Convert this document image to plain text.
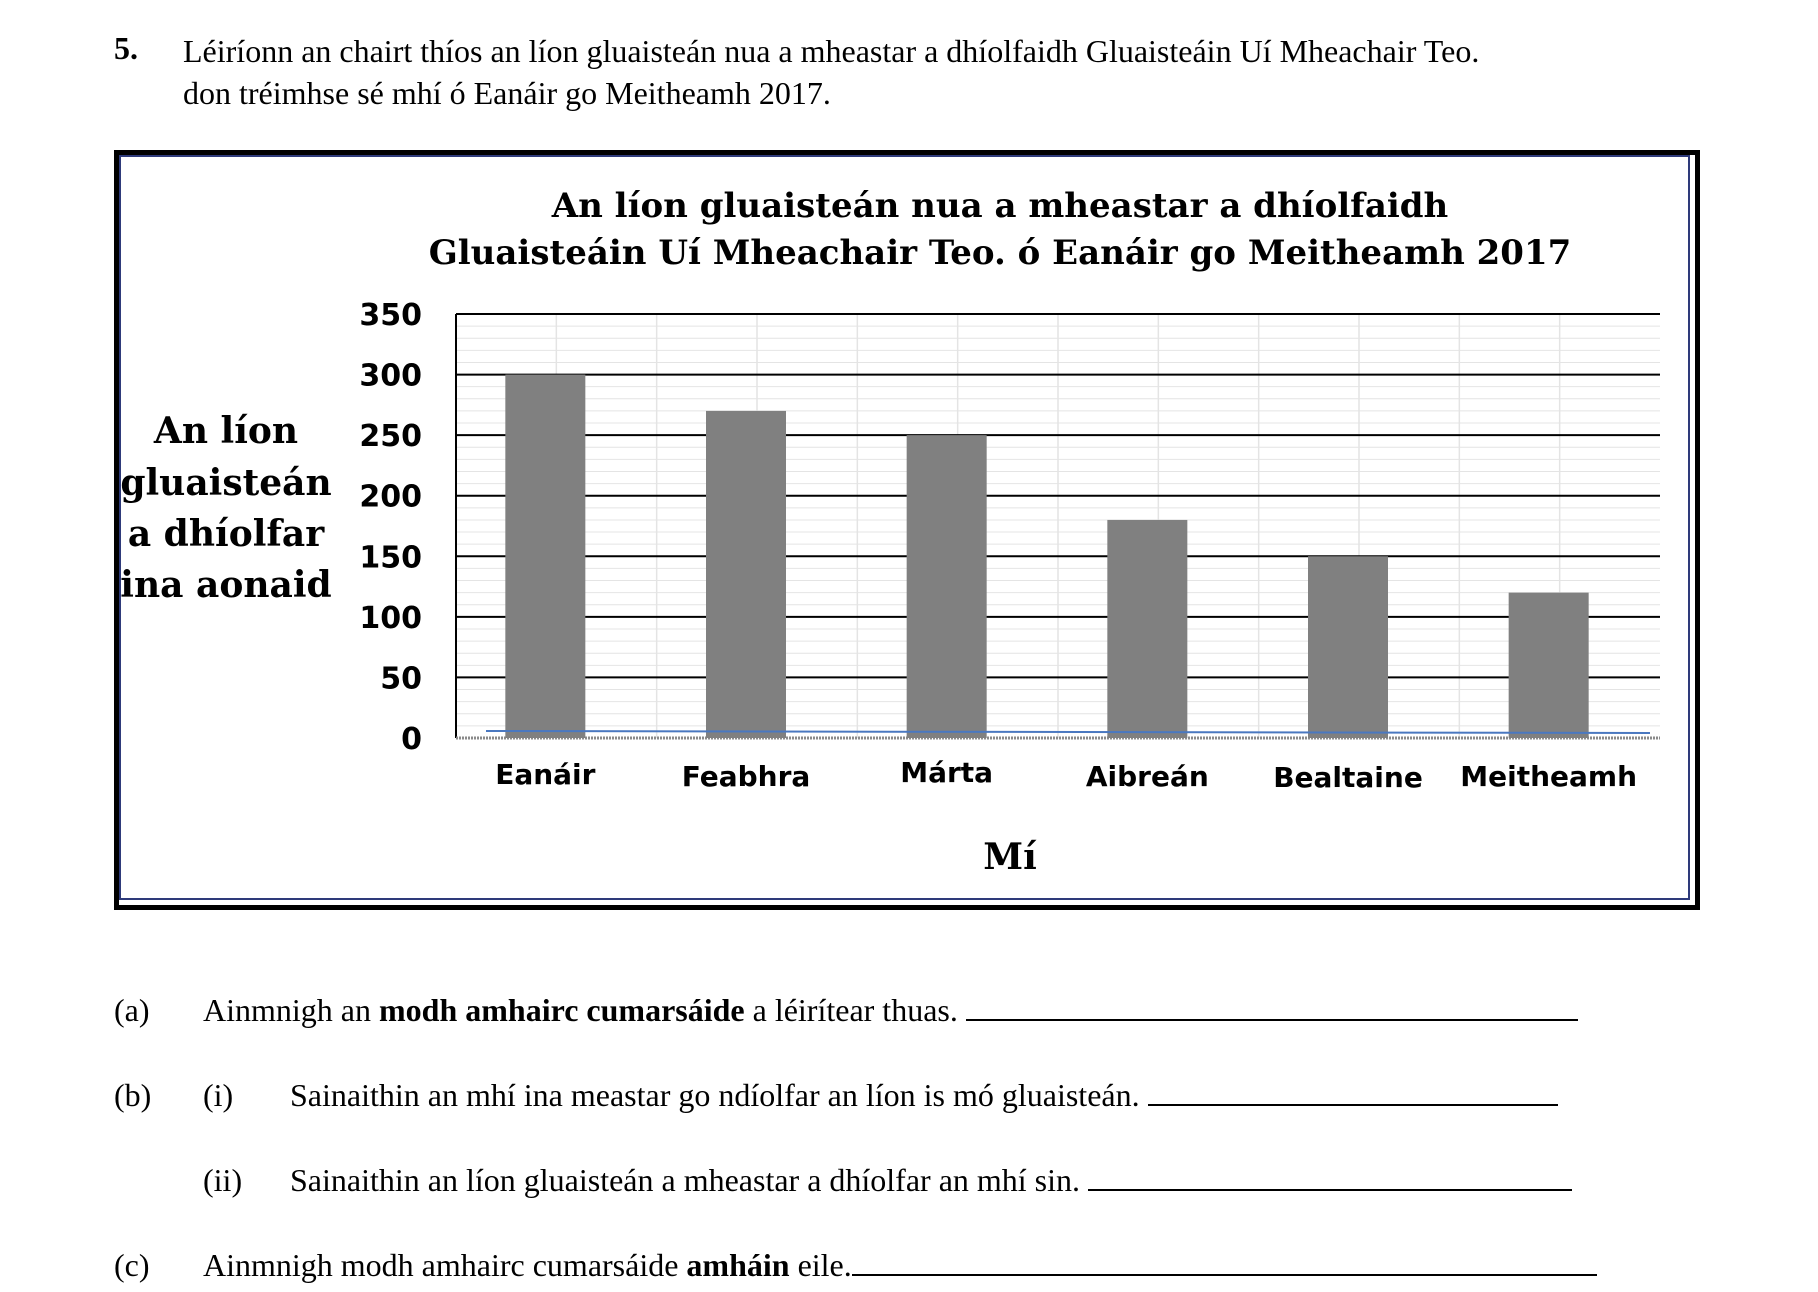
5. Léiríonn an chairt thíos an líon gluaisteán nua a mheastar a dhíolfaidh Gluaisteáin Uí Mheachair Teo.
don tréimhse sé mhí ó Eanáir go Meitheamh 2017.
An líon gluaisteán nua a mheastar a dhíolfaidh
Gluaisteáin Uí Mheachair Teo. ó Eanáir go Meitheamh 2017
An líon
gluaisteán
a dhíolfar
ina aonaid
Mí
0
50
100
150
200
250
300
350
Eanáir	Feabhra	Márta	Aibreán Bealtaine Meitheamh
(a) Ainmnigh an modh amhairc cumarsáide a léirítear thuas.
(b) (i) Sainaithin an mhí ina meastar go ndíolfar an líon is mó gluaisteán.
(ii) Sainaithin an líon gluaisteán a mheastar a dhíolfar an mhí sin.
(c) Ainmnigh modh amhairc cumarsáide amháin eile.
